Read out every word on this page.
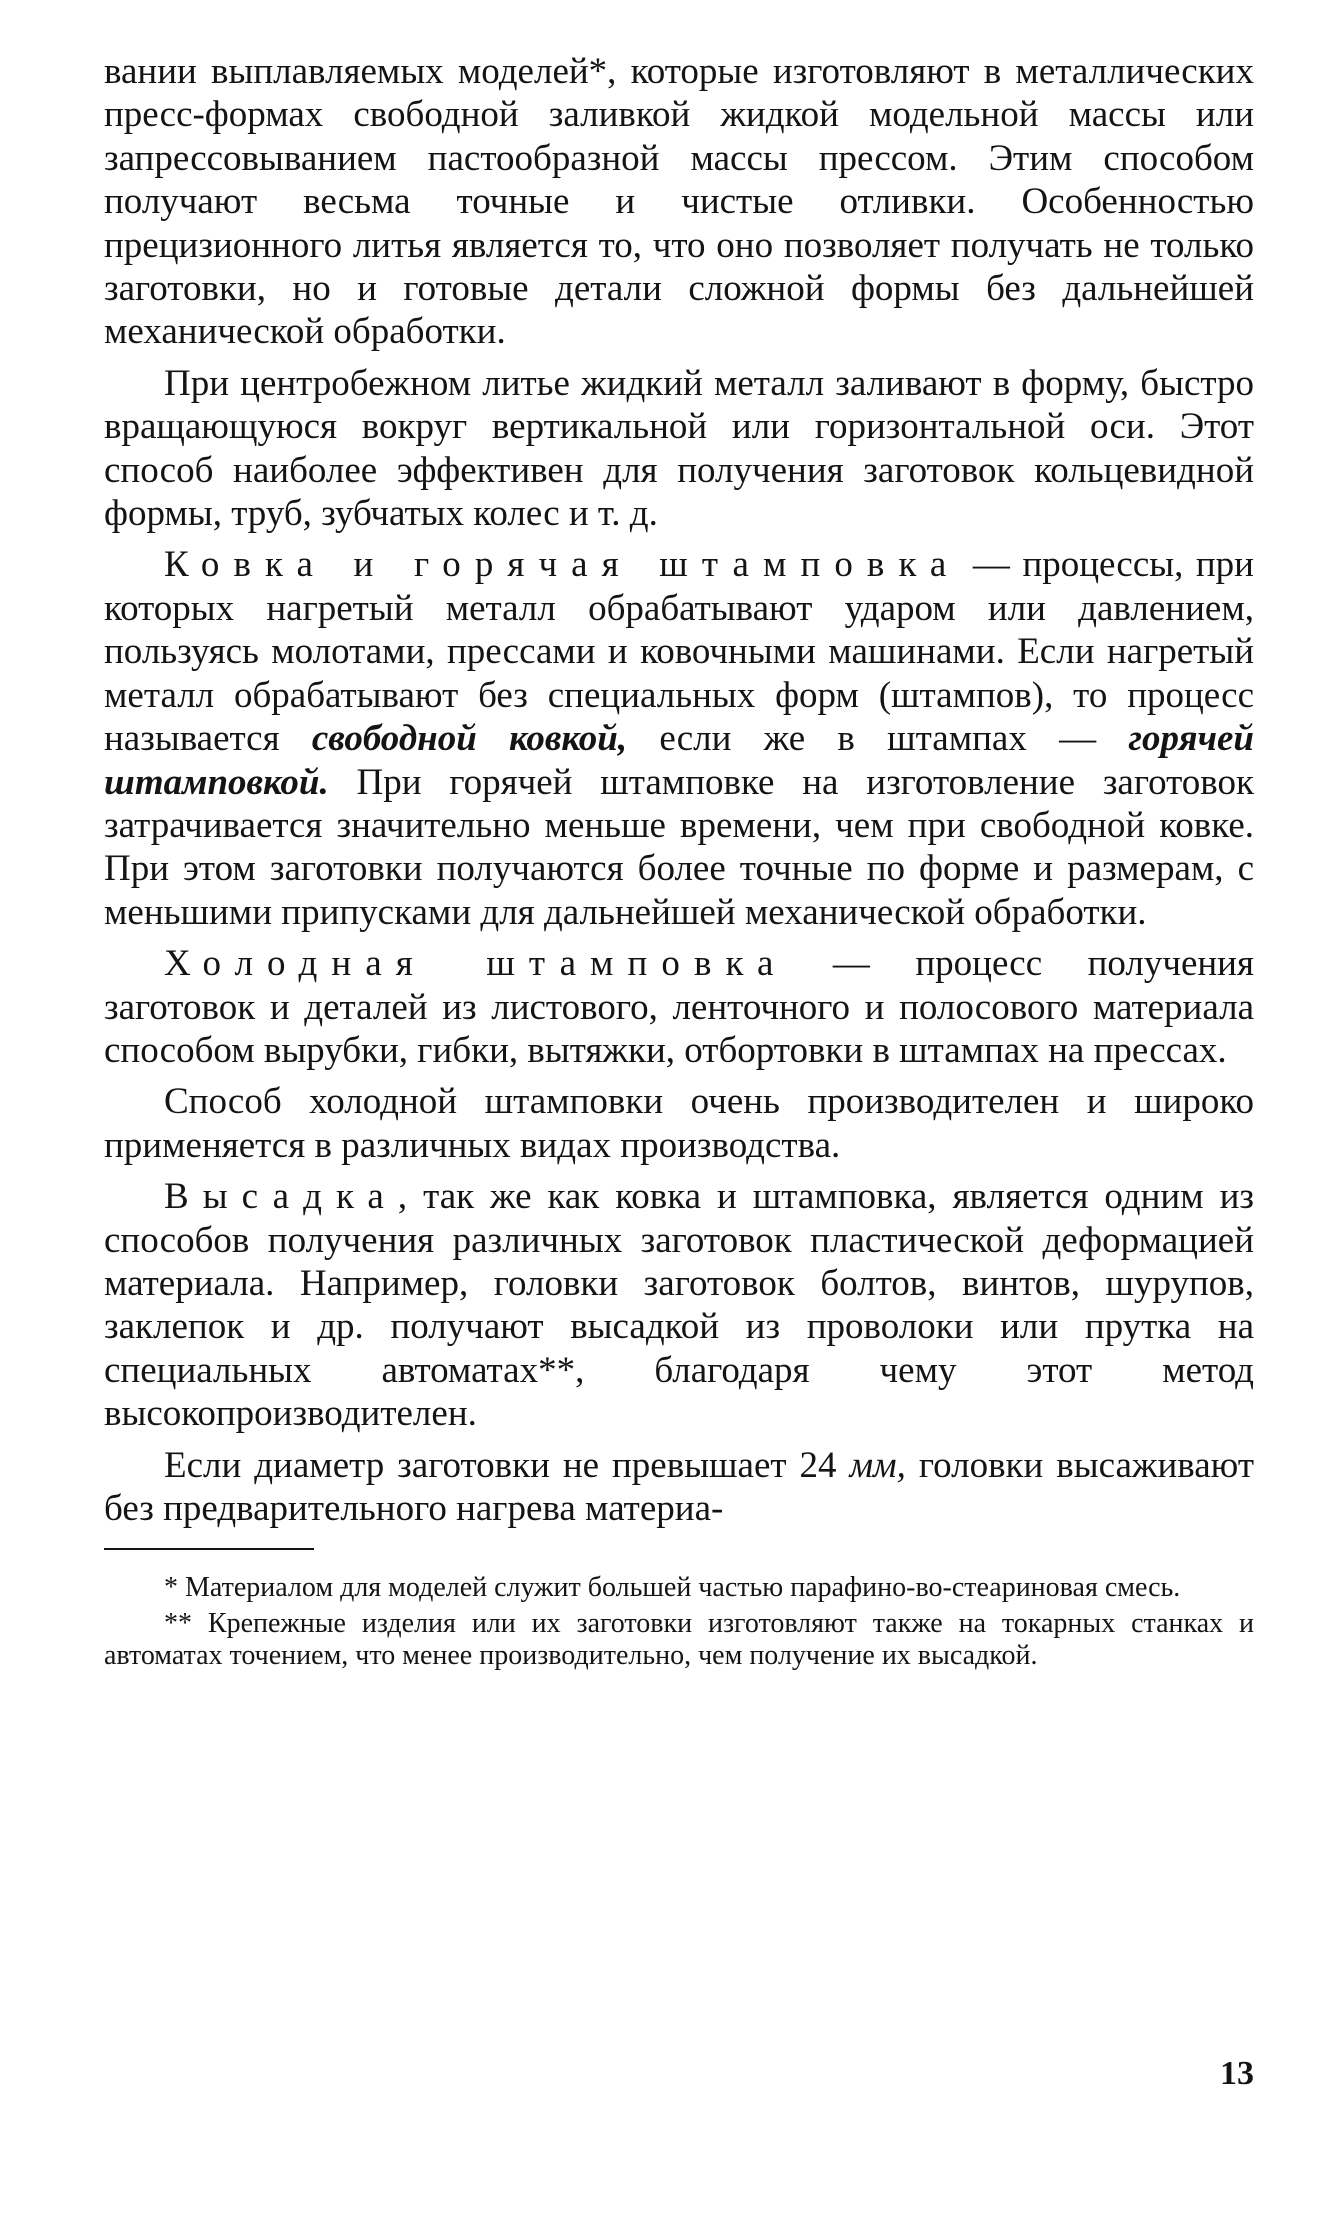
вании выплавляемых моделей*, которые изготовляют в металлических пресс-формах свободной заливкой жидкой модельной массы или запрессовыванием пастообразной массы прессом. Этим способом получают весьма точные и чистые отливки. Особенностью прецизионного литья является то, что оно позволяет получать не только заготовки, но и готовые детали сложной формы без дальнейшей механической обработки.

При центробежном литье жидкий металл заливают в форму, быстро вращающуюся вокруг вертикальной или горизонтальной оси. Этот способ наиболее эффективен для получения заготовок кольцевидной формы, труб, зубчатых колес и т. д.

Ковка и горячая штамповка — процессы, при которых нагретый металл обрабатывают ударом или давлением, пользуясь молотами, прессами и ковочными машинами. Если нагретый металл обрабатывают без специальных форм (штампов), то процесс называется свободной ковкой, если же в штампах — горячей штамповкой. При горячей штамповке на изготовление заготовок затрачивается значительно меньше времени, чем при свободной ковке. При этом заготовки получаются более точные по форме и размерам, с меньшими припусками для дальнейшей механической обработки.

Холодная штамповка — процесс получения заготовок и деталей из листового, ленточного и полосового материала способом вырубки, гибки, вытяжки, отбортовки в штампах на прессах.

Способ холодной штамповки очень производителен и широко применяется в различных видах производства.

Высадка, так же как ковка и штамповка, является одним из способов получения различных заготовок пластической деформацией материала. Например, головки заготовок болтов, винтов, шурупов, заклепок и др. получают высадкой из проволоки или прутка на специальных автоматах**, благодаря чему этот метод высокопроизводителен.

Если диаметр заготовки не превышает 24 мм, головки высаживают без предварительного нагрева материа-

* Материалом для моделей служит большей частью парафино-во-стеариновая смесь.

** Крепежные изделия или их заготовки изготовляют также на токарных станках и автоматах точением, что менее производительно, чем получение их высадкой.

13
